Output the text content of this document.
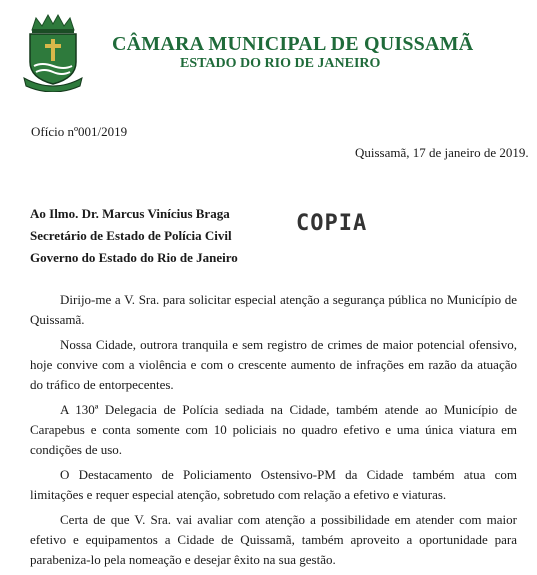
CÂMARA MUNICIPAL DE QUISSAMÃ
ESTADO DO RIO DE JANEIRO
Ofício nº001/2019
Quissamã, 17 de janeiro de 2019.
Ao Ilmo. Dr. Marcus Vinícius Braga
Secretário de Estado de Polícia Civil
Governo do Estado do Rio de Janeiro
COPIA

Dirijo-me a V. Sra. para solicitar especial atenção a segurança pública no Município de Quissamã.

Nossa Cidade, outrora tranquila e sem registro de crimes de maior potencial ofensivo, hoje convive com a violência e com o crescente aumento de infrações em razão da atuação do tráfico de entorpecentes.

A 130ª Delegacia de Polícia sediada na Cidade, também atende ao Município de Carapebus e conta somente com 10 policiais no quadro efetivo e uma única viatura em condições de uso.

O Destacamento de Policiamento Ostensivo-PM da Cidade também atua com limitações e requer especial atenção, sobretudo com relação a efetivo e viaturas.

Certa de que V. Sra. vai avaliar com atenção a possibilidade em atender com maior efetivo e equipamentos a Cidade de Quissamã, também aproveito a oportunidade para parabeniza-lo pela nomeação e desejar êxito na sua gestão.
